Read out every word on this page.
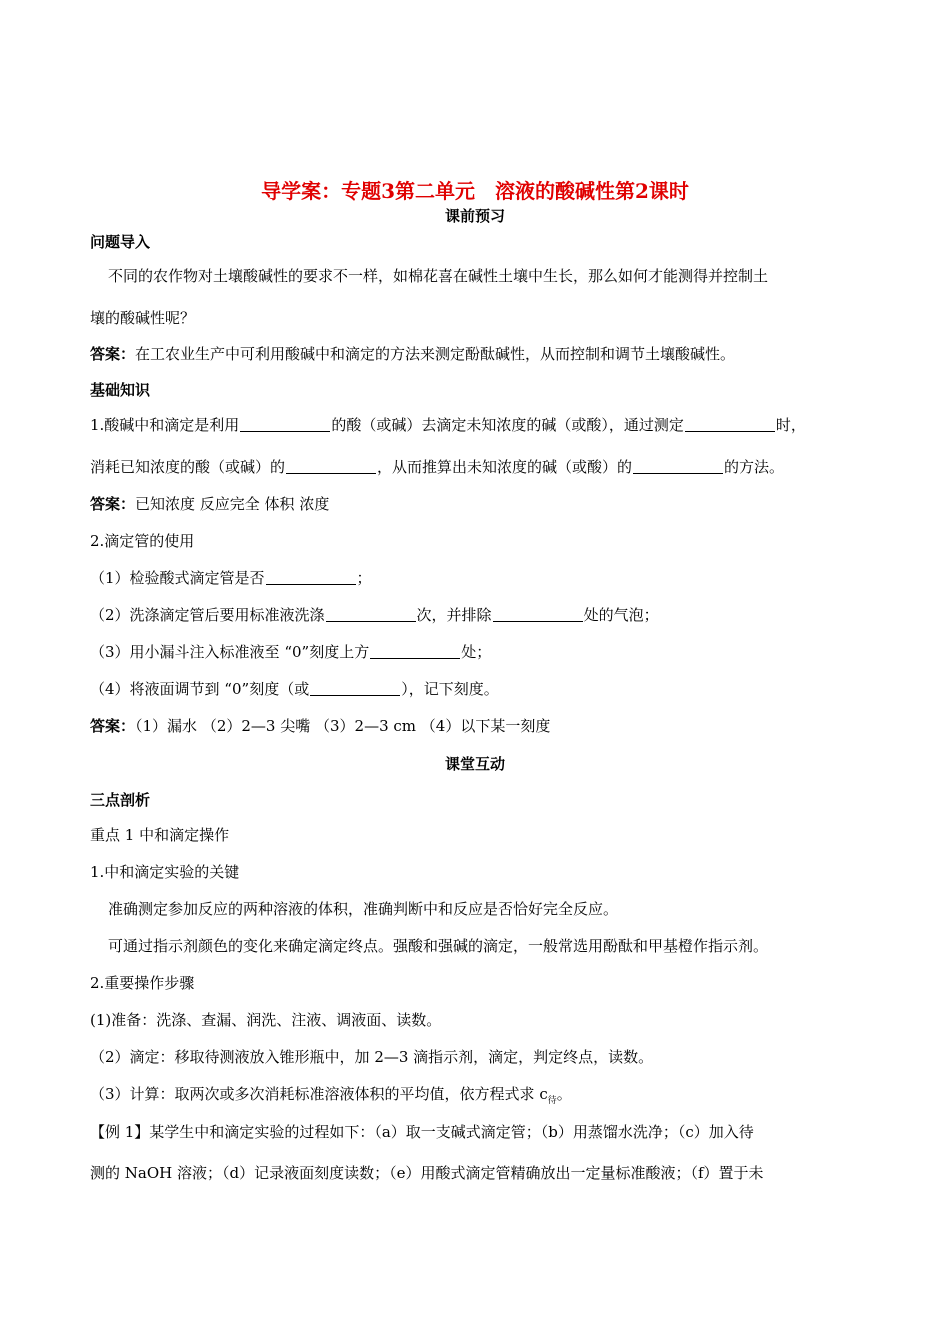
导学案：专题3第二单元　溶液的酸碱性第2课时
课前预习
问题导入
不同的农作物对土壤酸碱性的要求不一样，如棉花喜在碱性土壤中生长，那么如何才能测得并控制土
壤的酸碱性呢？
答案：在工农业生产中可利用酸碱中和滴定的方法来测定酚酞碱性，从而控制和调节土壤酸碱性。
基础知识
1.酸碱中和滴定是利用	的酸（或碱）去滴定未知浓度的碱（或酸），通过测定	时，
消耗已知浓度的酸（或碱）的	，从而推算出未知浓度的碱（或酸）的	的方法。
答案：已知浓度 反应完全 体积 浓度
2.滴定管的使用
（1）检验酸式滴定管是否	；
（2）洗涤滴定管后要用标准液洗涤	次，并排除	处的气泡；
（3）用小漏斗注入标准液至 “0”刻度上方	处；
（4）将液面调节到 “0”刻度（或	），记下刻度。
答案：（1）漏水 （2）2—3 尖嘴 （3）2—3 cm （4）以下某一刻度
课堂互动
三点剖析
重点 1 中和滴定操作
1.中和滴定实验的关键
准确测定参加反应的两种溶液的体积，准确判断中和反应是否恰好完全反应。
可通过指示剂颜色的变化来确定滴定终点。强酸和强碱的滴定，一般常选用酚酞和甲基橙作指示剂。
2.重要操作步骤
(1)准备：洗涤、查漏、润洗、注液、调液面、读数。
（2）滴定：移取待测液放入锥形瓶中，加 2—3 滴指示剂，滴定，判定终点，读数。
（3）计算：取两次或多次消耗标准溶液体积的平均值，依方程式求 $c_待$。
【例 1】某学生中和滴定实验的过程如下：（a）取一支碱式滴定管；（b）用蒸馏水洗净；（c）加入待
测的 NaOH 溶液；（d）记录液面刻度读数；（e）用酸式滴定管精确放出一定量标准酸液；（f）置于未
